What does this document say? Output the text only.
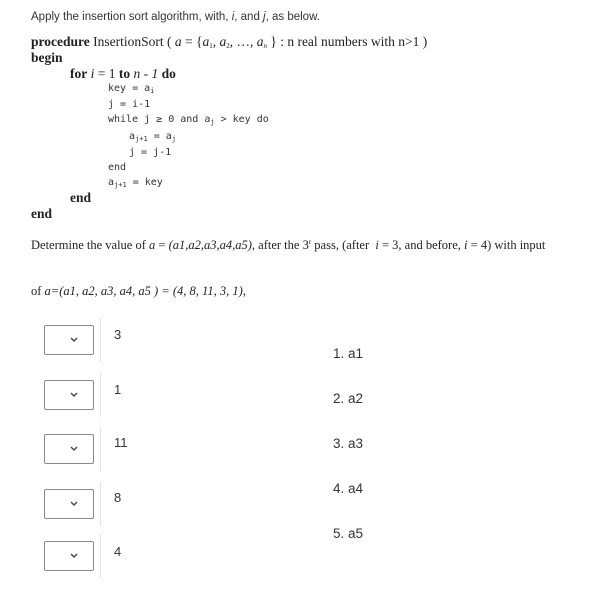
Apply the insertion sort algorithm, with, i, and j, as below.
procedure InsertionSort ( $a = \{a_1$, $a_2$, …, $a_n$ } : n real numbers with n>1 )
begin
for i = 1 to n - 1 do
key = $a_i$
j = i-1
while j ≥ 0 and $a_j$ > key do
$a_{j+1} = a_j$
j = j-1
end
$a_{j+1}$ = key
end
end
Determine the value of a = (a1,a2,a3,a4,a5), after the 3$^r$ pass, (after  i = 3, and before, i = 4) with input
of a=(a1, a2, a3, a4, a5 ) = (4, 8, 11, 3, 1),
3
1
11
8
4
1. a1
2. a2
3. a3
4. a4
5. a5
